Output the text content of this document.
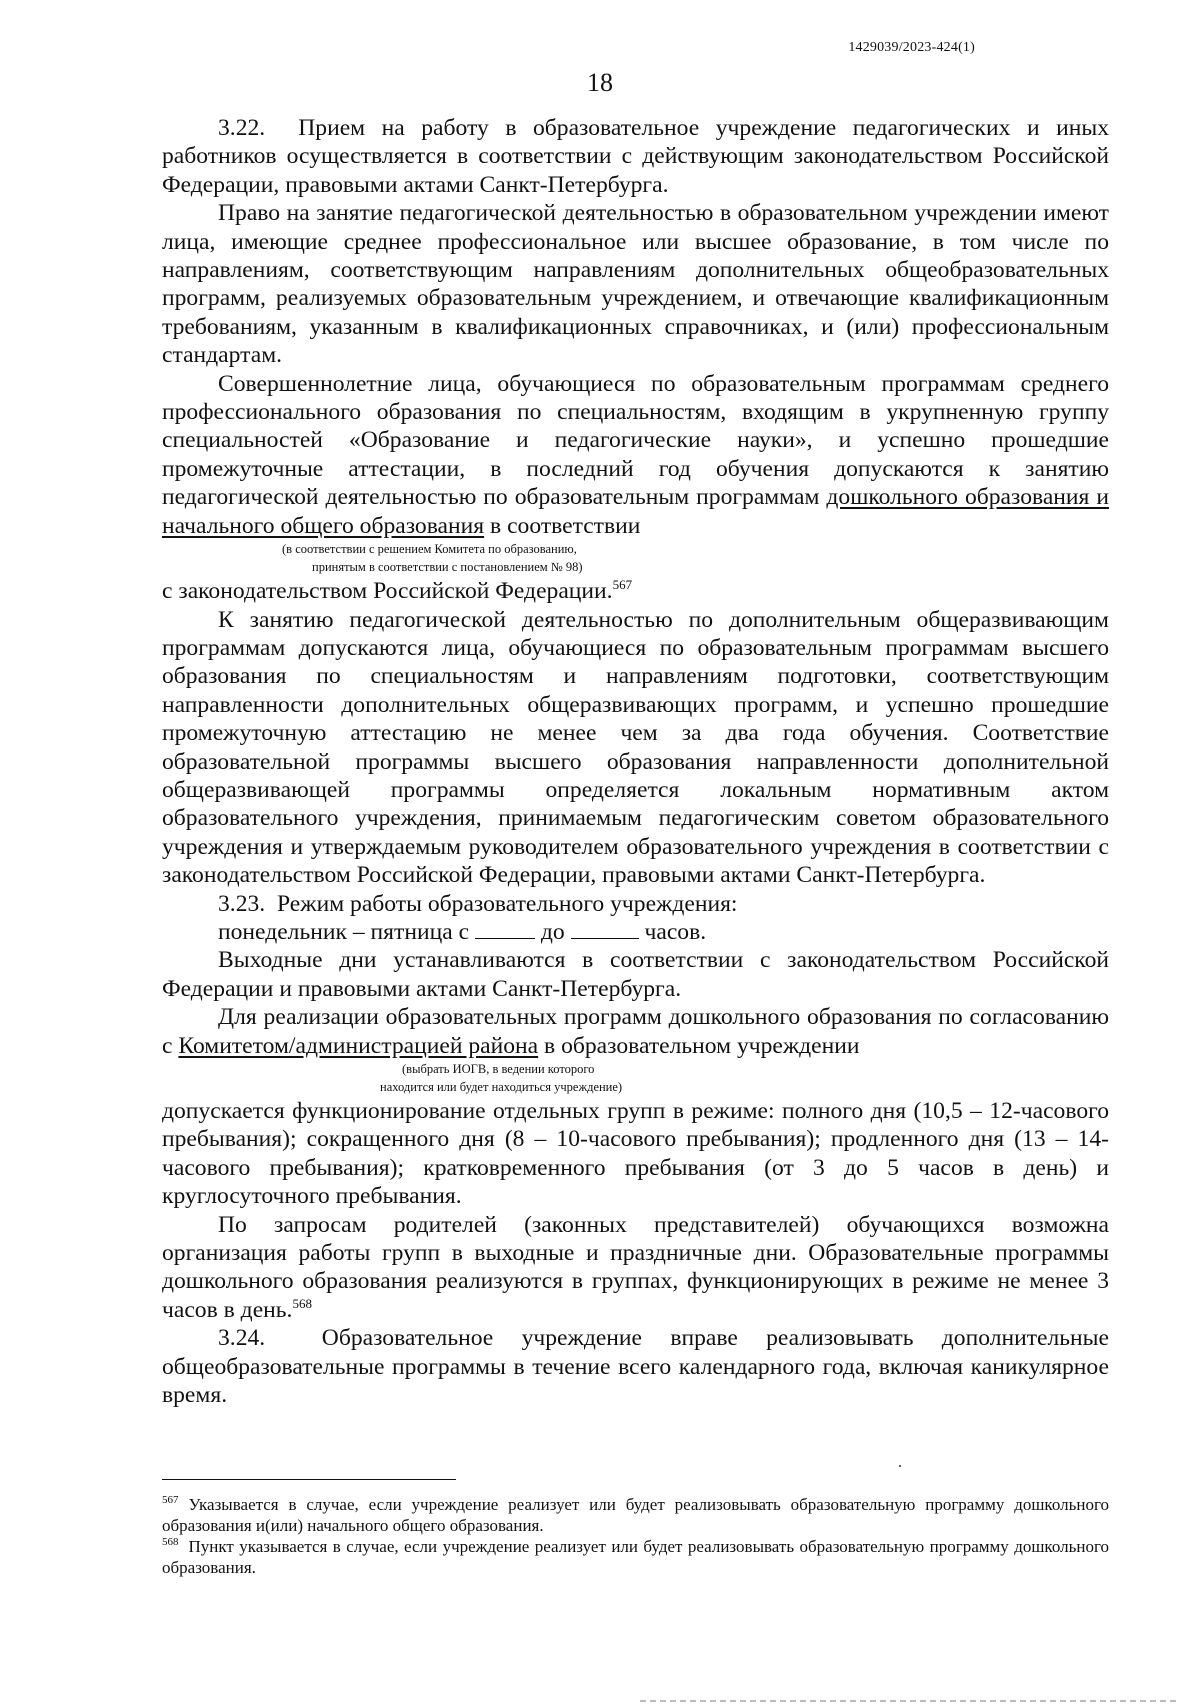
1429039/2023-424(1)
18

3.22. Прием на работу в образовательное учреждение педагогических и иных работников осуществляется в соответствии с действующим законодательством Российской Федерации, правовыми актами Санкт-Петербурга.

Право на занятие педагогической деятельностью в образовательном учреждении имеют лица, имеющие среднее профессиональное или высшее образование, в том числе по направлениям, соответствующим направлениям дополнительных общеобразовательных программ, реализуемых образовательным учреждением, и отвечающие квалификационным требованиям, указанным в квалификационных справочниках, и (или) профессиональным стандартам.

Совершеннолетние лица, обучающиеся по образовательным программам среднего профессионального образования по специальностям, входящим в укрупненную группу специальностей «Образование и педагогические науки», и успешно прошедшие промежуточные аттестации, в последний год обучения допускаются к занятию педагогической деятельностью по образовательным программам дошкольного образования и начального общего образования в соответствии

(в соответствии с решением Комитета по образованию,
принятым в соответствии с постановлением № 98)

с законодательством Российской Федерации.$^{567}$

К занятию педагогической деятельностью по дополнительным общеразвивающим программам допускаются лица, обучающиеся по образовательным программам высшего образования по специальностям и направлениям подготовки, соответствующим направленности дополнительных общеразвивающих программ, и успешно прошедшие промежуточную аттестацию не менее чем за два года обучения. Соответствие образовательной программы высшего образования направленности дополнительной общеразвивающей программы определяется локальным нормативным актом образовательного учреждения, принимаемым педагогическим советом образовательного учреждения и утверждаемым руководителем образовательного учреждения в соответствии с законодательством Российской Федерации, правовыми актами Санкт-Петербурга.

3.23. Режим работы образовательного учреждения:

понедельник – пятница с	до	часов.

Выходные дни устанавливаются в соответствии с законодательством Российской Федерации и правовыми актами Санкт-Петербурга.

Для реализации образовательных программ дошкольного образования по согласованию с Комитетом/администрацией района в образовательном учреждении

(выбрать ИОГВ, в ведении которого
находится или будет находиться учреждение)

допускается функционирование отдельных групп в режиме: полного дня (10,5 – 12-часового пребывания); сокращенного дня (8 – 10-часового пребывания); продленного дня (13 – 14-часового пребывания); кратковременного пребывания (от 3 до 5 часов в день) и круглосуточного пребывания.

По запросам родителей (законных представителей) обучающихся возможна организация работы групп в выходные и праздничные дни. Образовательные программы дошкольного образования реализуются в группах, функционирующих в режиме не менее 3 часов в день.$^{568}$

3.24. Образовательное учреждение вправе реализовывать дополнительные общеобразовательные программы в течение всего календарного года, включая каникулярное время.

$^{567}$ Указывается в случае, если учреждение реализует или будет реализовывать образовательную программу дошкольного образования и(или) начального общего образования.

$^{568}$ Пункт указывается в случае, если учреждение реализует или будет реализовывать образовательную программу дошкольного образования.
